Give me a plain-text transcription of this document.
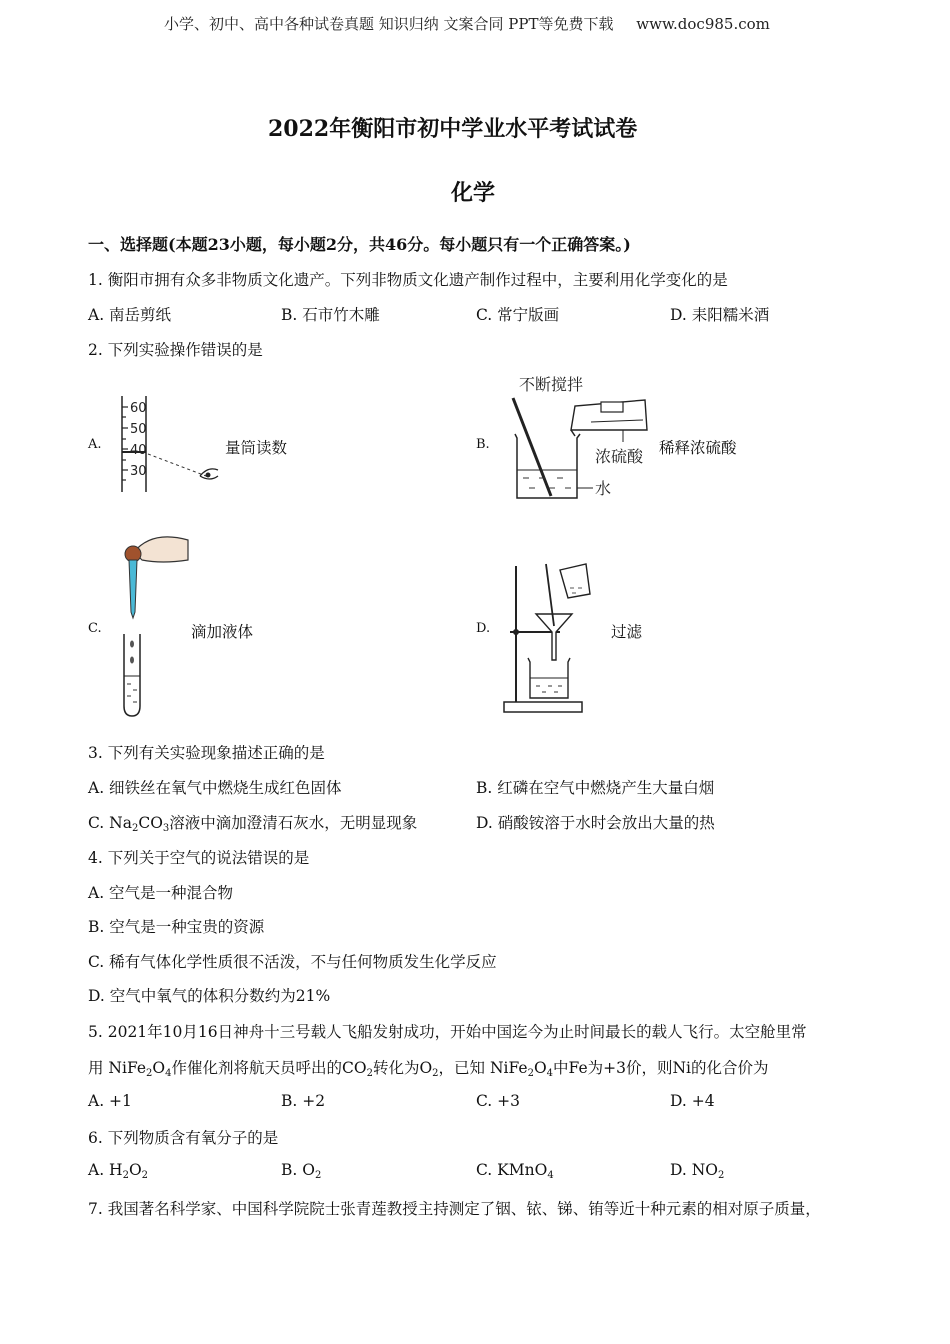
小学、初中、高中各种试卷真题 知识归纳 文案合同 PPT等免费下载 www.doc985.com
2022年衡阳市初中学业水平考试试卷
化学
一、选择题(本题23小题，每小题2分，共46分。每小题只有一个正确答案。)
1. 衡阳市拥有众多非物质文化遗产。下列非物质文化遗产制作过程中，主要利用化学变化的是
A. 南岳剪纸	B. 石市竹木雕	C. 常宁版画	D. 耒阳糯米酒
2. 下列实验操作错误的是
A.
60
50
40
30
量筒读数	B.
不断搅拌
浓硫酸
水
稀释浓硫酸
C.	滴加液体	D.	过滤
3. 下列有关实验现象描述正确的是
A. 细铁丝在氧气中燃烧生成红色固体	B. 红磷在空气中燃烧产生大量白烟
C. $Na_2CO_3$溶液中滴加澄清石灰水，无明显现象	D. 硝酸铵溶于水时会放出大量的热
4. 下列关于空气的说法错误的是
A. 空气是一种混合物
B. 空气是一种宝贵的资源
C. 稀有气体化学性质很不活泼，不与任何物质发生化学反应
D. 空气中氧气的体积分数约为21%
5. 2021年10月16日神舟十三号载人飞船发射成功，开始中国迄今为止时间最长的载人飞行。太空舱里常
用 $NiFe_2O_4$作催化剂将航天员呼出的$CO_2$转化为$O_2$，已知 $NiFe_2O_4$中Fe为+3价，则Ni的化合价为
A. +1	B. +2	C. +3	D. +4
6. 下列物质含有氧分子的是
A. $H_2O_2$	B. $O_2$	C. KMnO$_4$	D. $NO_2$
7. 我国著名科学家、中国科学院院士张青莲教授主持测定了铟、铱、锑、铕等近十种元素的相对原子质量，
